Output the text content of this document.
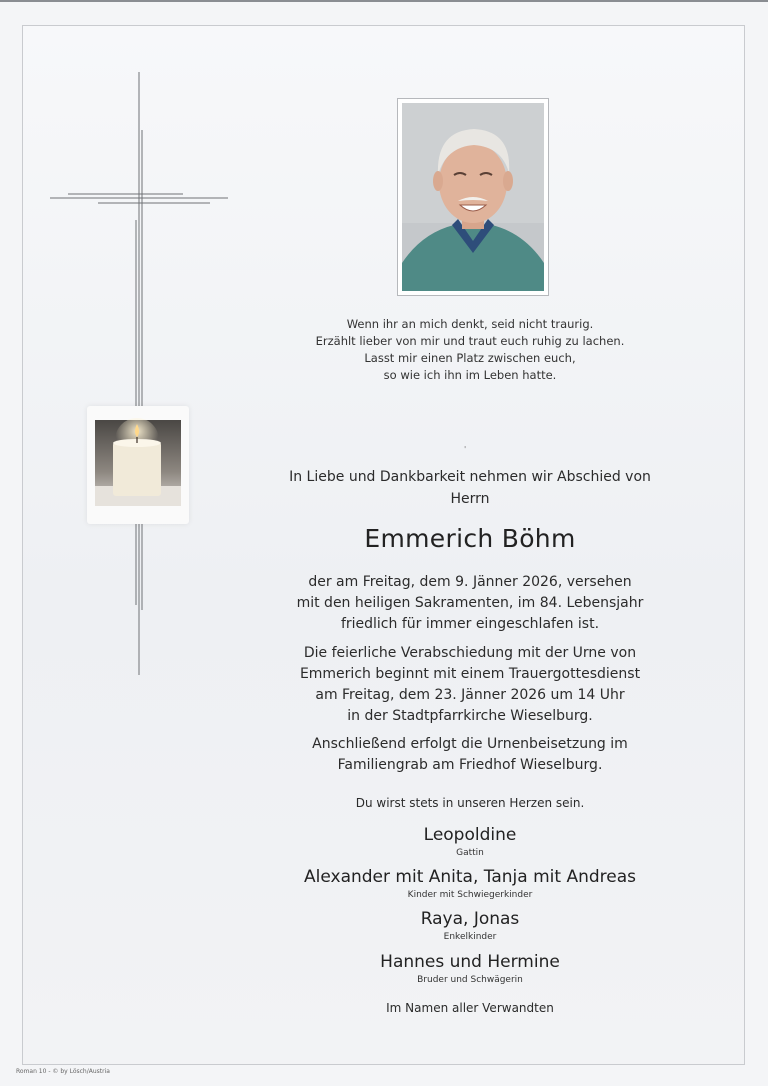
Wenn ihr an mich denkt, seid nicht traurig.
Erzählt lieber von mir und traut euch ruhig zu lachen.
Lasst mir einen Platz zwischen euch,
so wie ich ihn im Leben hatte.
'
In Liebe und Dankbarkeit nehmen wir Abschied von
Herrn
Emmerich Böhm
der am Freitag, dem 9. Jänner 2026, versehen
mit den heiligen Sakramenten, im 84. Lebensjahr
friedlich für immer eingeschlafen ist.
Die feierliche Verabschiedung mit der Urne von
Emmerich beginnt mit einem Trauergottesdienst
am Freitag, dem 23. Jänner 2026 um 14 Uhr
in der Stadtpfarrkirche Wieselburg.
Anschließend erfolgt die Urnenbeisetzung im
Familiengrab am Friedhof Wieselburg.
Du wirst stets in unseren Herzen sein.
Leopoldine
Gattin
Alexander mit Anita, Tanja mit Andreas
Kinder mit Schwiegerkinder
Raya, Jonas
Enkelkinder
Hannes und Hermine
Bruder und Schwägerin
Im Namen aller Verwandten
Roman 10 - © by Lösch/Austria
